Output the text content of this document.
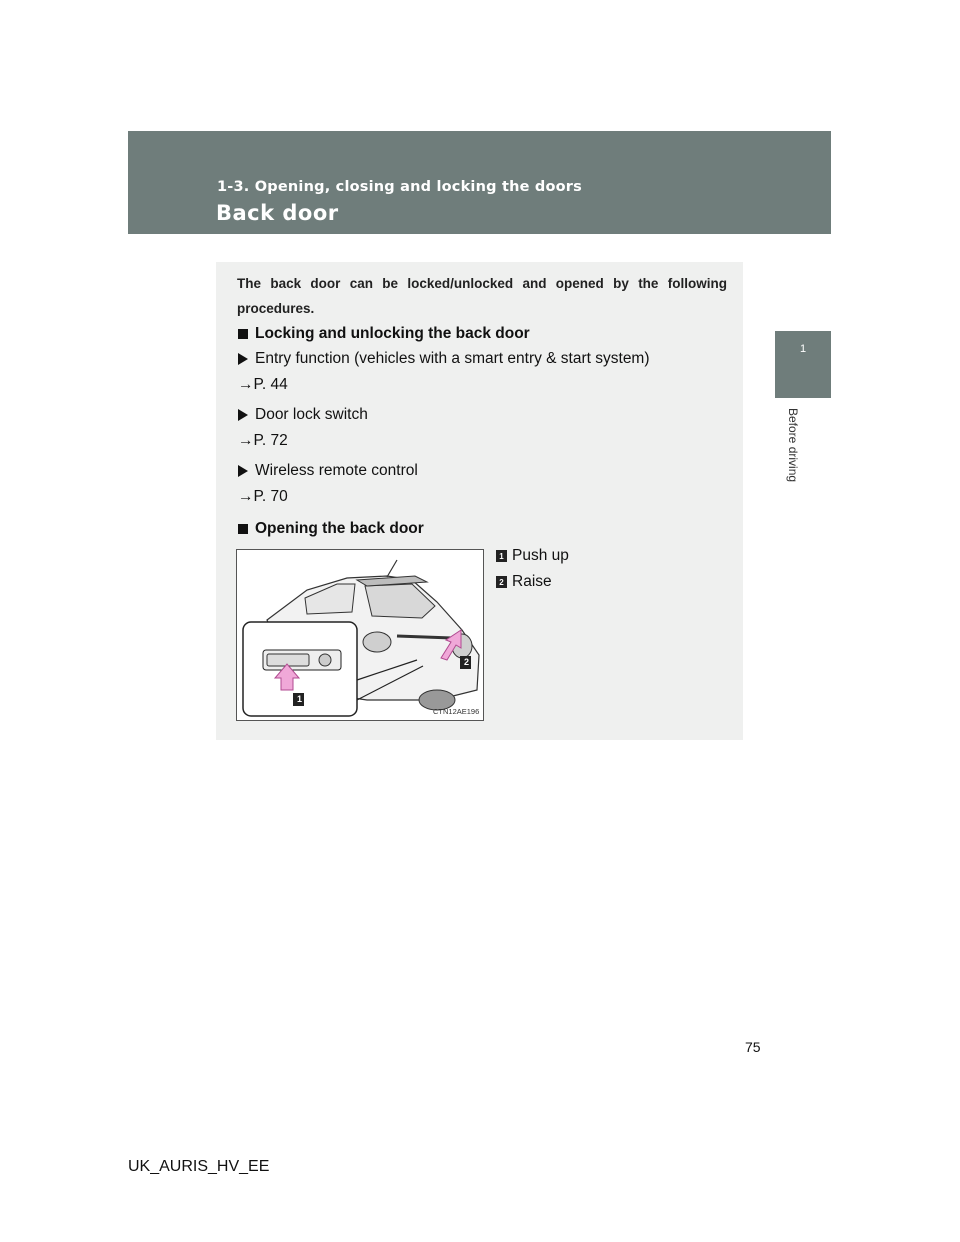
1-3. Opening, closing and locking the doors
Back door
1
Before driving
The back door can be locked/unlocked and opened by the following procedures.
Locking and unlocking the back door
Entry function (vehicles with a smart entry & start system)
→P. 44
Door lock switch
→P. 72
Wireless remote control
→P. 70
Opening the back door
1
2
CTN12AE196
1 Push up
2 Raise
75
UK_AURIS_HV_EE
